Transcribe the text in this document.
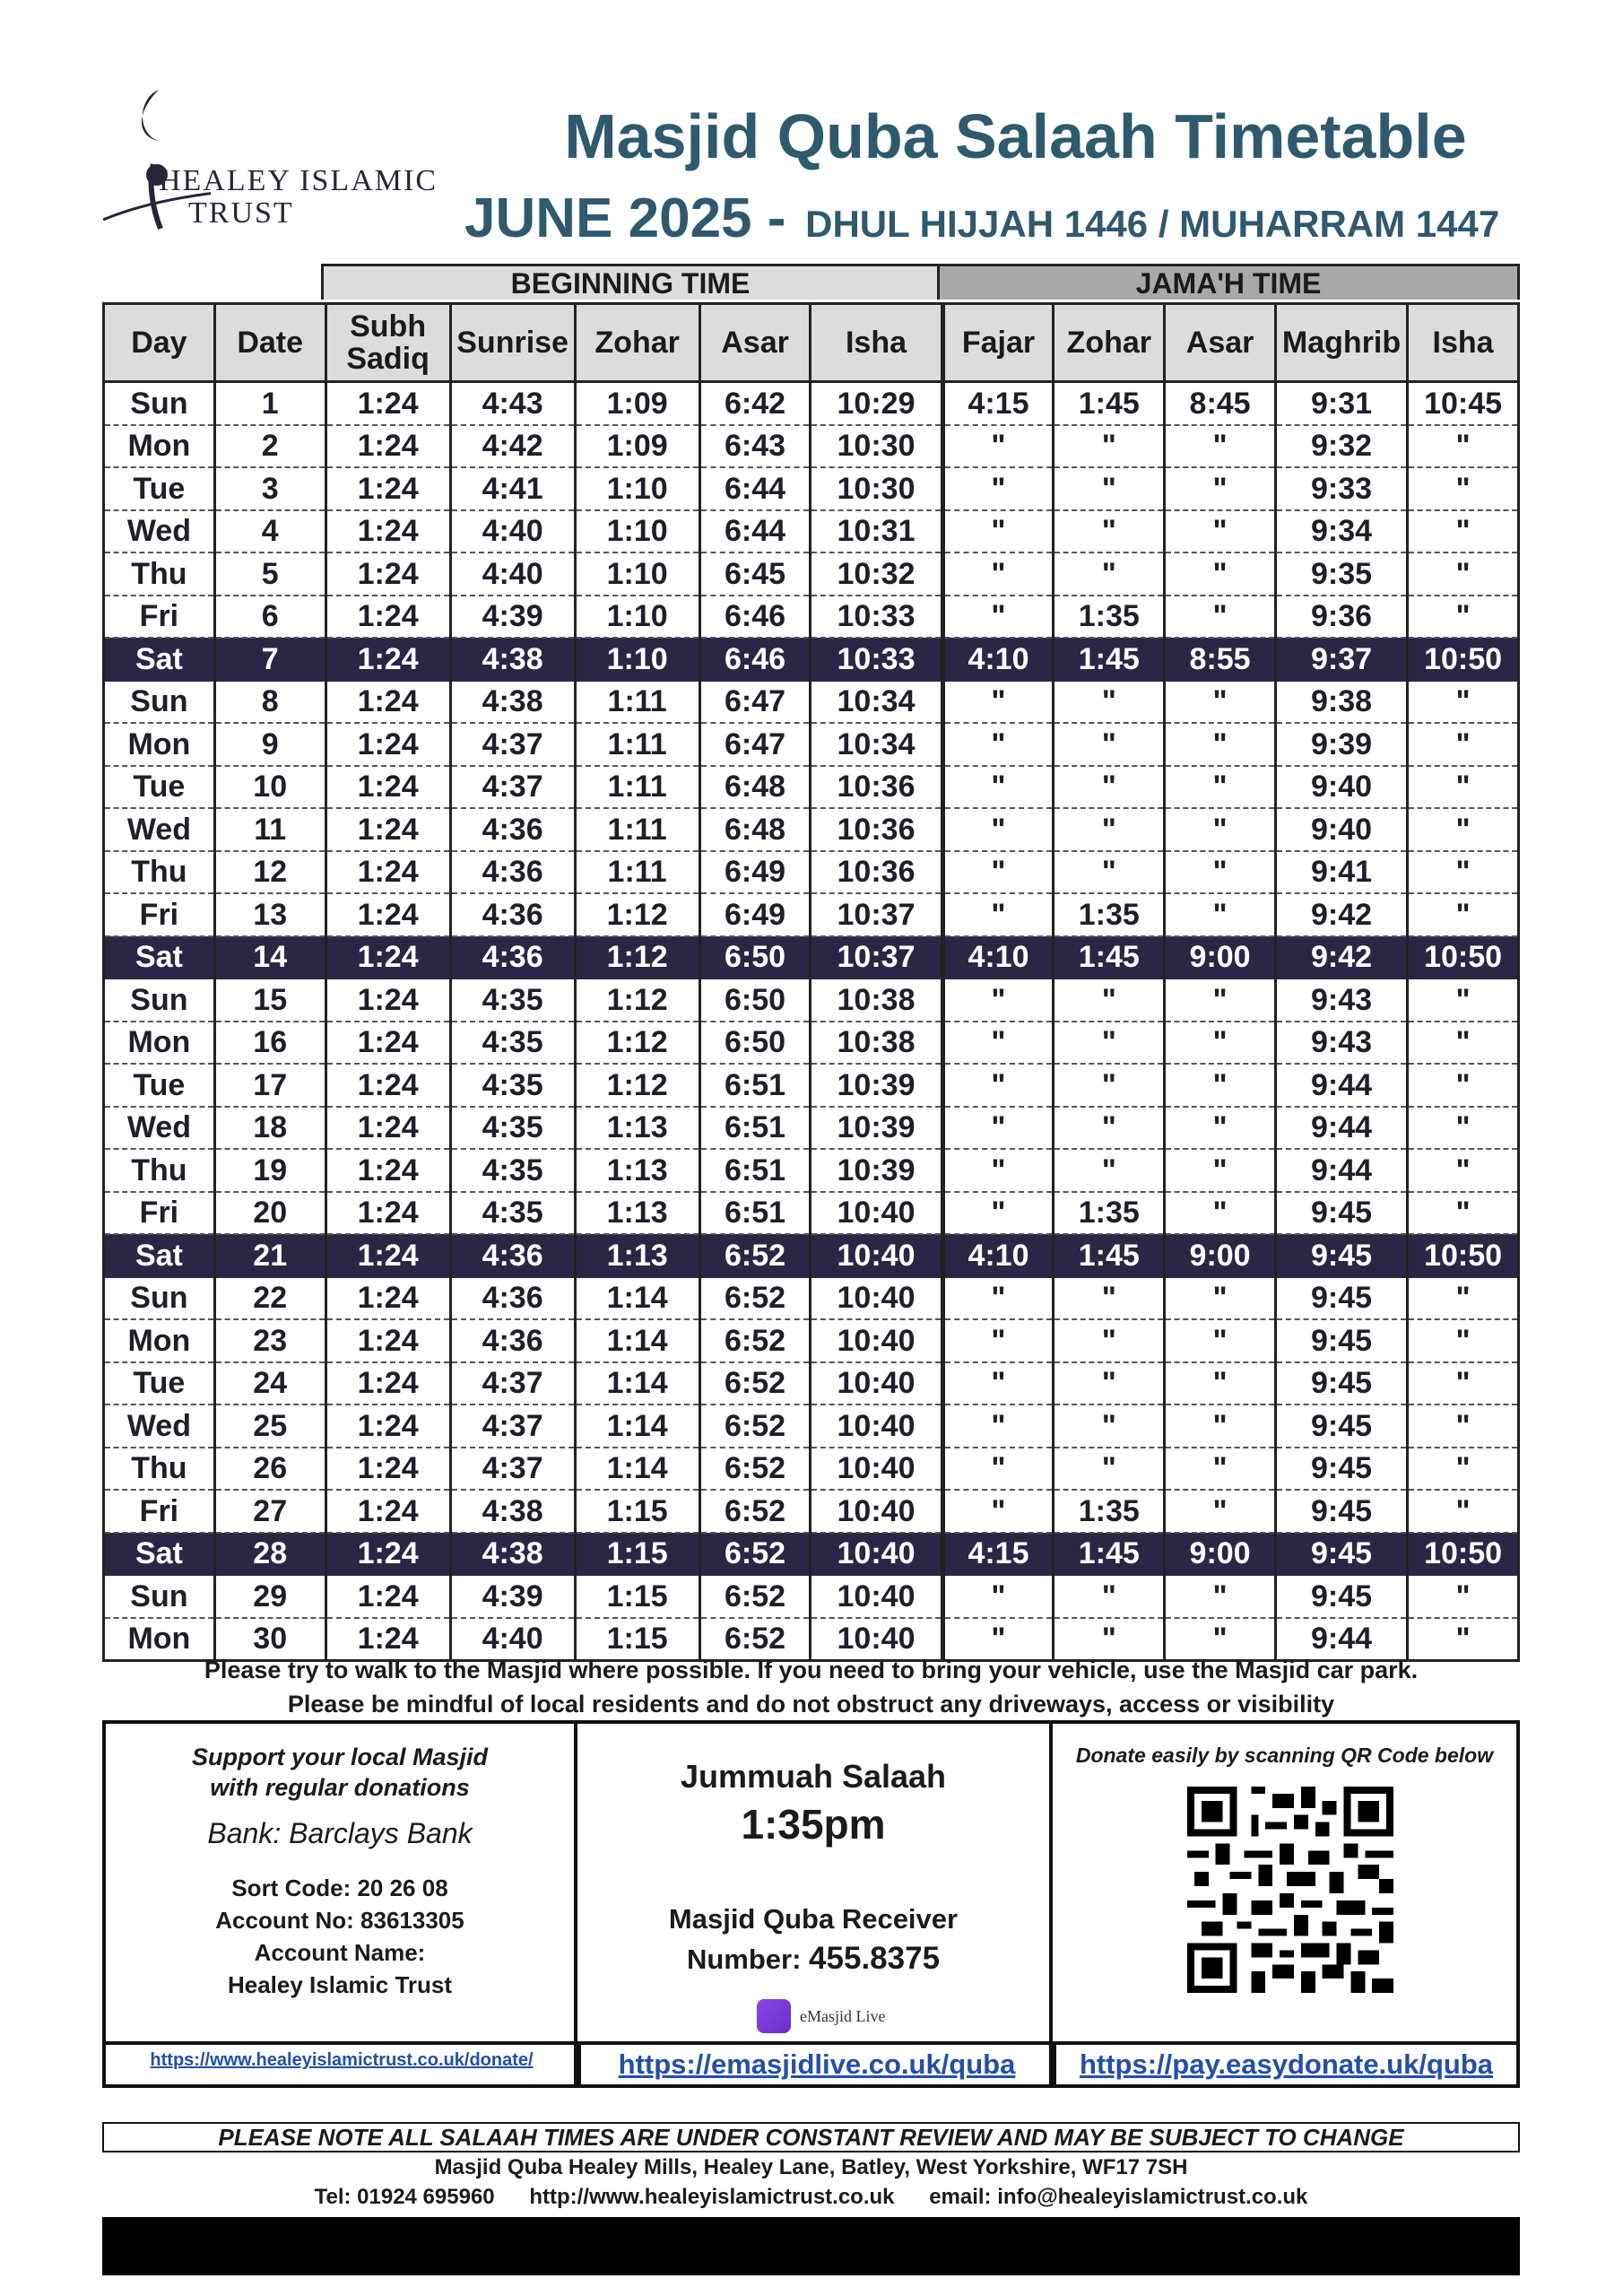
HEALEY ISLAMIC
TRUST
Masjid Quba Salaah Timetable
JUNE 2025 -  DHUL HIJJAH 1446 / MUHARRAM 1447
BEGINNING TIME	JAMA'H TIME
Day	Date	Subh Sadiq	Sunrise	Zohar	Asar	Isha	Fajar	Zohar	Asar	Maghrib	Isha
Sun	1	1:24	4:43	1:09	6:42	10:29	4:15	1:45	8:45	9:31	10:45
Mon	2	1:24	4:42	1:09	6:43	10:30	"	"	"	9:32	"
Tue	3	1:24	4:41	1:10	6:44	10:30	"	"	"	9:33	"
Wed	4	1:24	4:40	1:10	6:44	10:31	"	"	"	9:34	"
Thu	5	1:24	4:40	1:10	6:45	10:32	"	"	"	9:35	"
Fri	6	1:24	4:39	1:10	6:46	10:33	"	1:35	"	9:36	"
Sat	7	1:24	4:38	1:10	6:46	10:33	4:10	1:45	8:55	9:37	10:50
Sun	8	1:24	4:38	1:11	6:47	10:34	"	"	"	9:38	"
Mon	9	1:24	4:37	1:11	6:47	10:34	"	"	"	9:39	"
Tue	10	1:24	4:37	1:11	6:48	10:36	"	"	"	9:40	"
Wed	11	1:24	4:36	1:11	6:48	10:36	"	"	"	9:40	"
Thu	12	1:24	4:36	1:11	6:49	10:36	"	"	"	9:41	"
Fri	13	1:24	4:36	1:12	6:49	10:37	"	1:35	"	9:42	"
Sat	14	1:24	4:36	1:12	6:50	10:37	4:10	1:45	9:00	9:42	10:50
Sun	15	1:24	4:35	1:12	6:50	10:38	"	"	"	9:43	"
Mon	16	1:24	4:35	1:12	6:50	10:38	"	"	"	9:43	"
Tue	17	1:24	4:35	1:12	6:51	10:39	"	"	"	9:44	"
Wed	18	1:24	4:35	1:13	6:51	10:39	"	"	"	9:44	"
Thu	19	1:24	4:35	1:13	6:51	10:39	"	"	"	9:44	"
Fri	20	1:24	4:35	1:13	6:51	10:40	"	1:35	"	9:45	"
Sat	21	1:24	4:36	1:13	6:52	10:40	4:10	1:45	9:00	9:45	10:50
Sun	22	1:24	4:36	1:14	6:52	10:40	"	"	"	9:45	"
Mon	23	1:24	4:36	1:14	6:52	10:40	"	"	"	9:45	"
Tue	24	1:24	4:37	1:14	6:52	10:40	"	"	"	9:45	"
Wed	25	1:24	4:37	1:14	6:52	10:40	"	"	"	9:45	"
Thu	26	1:24	4:37	1:14	6:52	10:40	"	"	"	9:45	"
Fri	27	1:24	4:38	1:15	6:52	10:40	"	1:35	"	9:45	"
Sat	28	1:24	4:38	1:15	6:52	10:40	4:15	1:45	9:00	9:45	10:50
Sun	29	1:24	4:39	1:15	6:52	10:40	"	"	"	9:45	"
Mon	30	1:24	4:40	1:15	6:52	10:40	"	"	"	9:44	"
Please try to walk to the Masjid where possible. If you need to bring your vehicle, use the Masjid car park.
Please be mindful of local residents and do not obstruct any driveways, access or visibility
Support your local Masjid
with regular donations
Bank: Barclays Bank
Sort Code: 20 26 08
Account No: 83613305
Account Name:
Healey Islamic Trust
Jummuah Salaah
1:35pm
Masjid Quba Receiver
Number: 455.8375
eMasjid Live
Donate easily by scanning QR Code below
https://www.healeyislamictrust.co.uk/donate/	https://emasjidlive.co.uk/quba	https://pay.easydonate.uk/quba
PLEASE NOTE ALL SALAAH TIMES ARE UNDER CONSTANT REVIEW AND MAY BE SUBJECT TO CHANGE
Masjid Quba Healey Mills, Healey Lane, Batley, West Yorkshire, WF17 7SH
Tel: 01924 695960 http://www.healeyislamictrust.co.uk email: info@healeyislamictrust.co.uk
